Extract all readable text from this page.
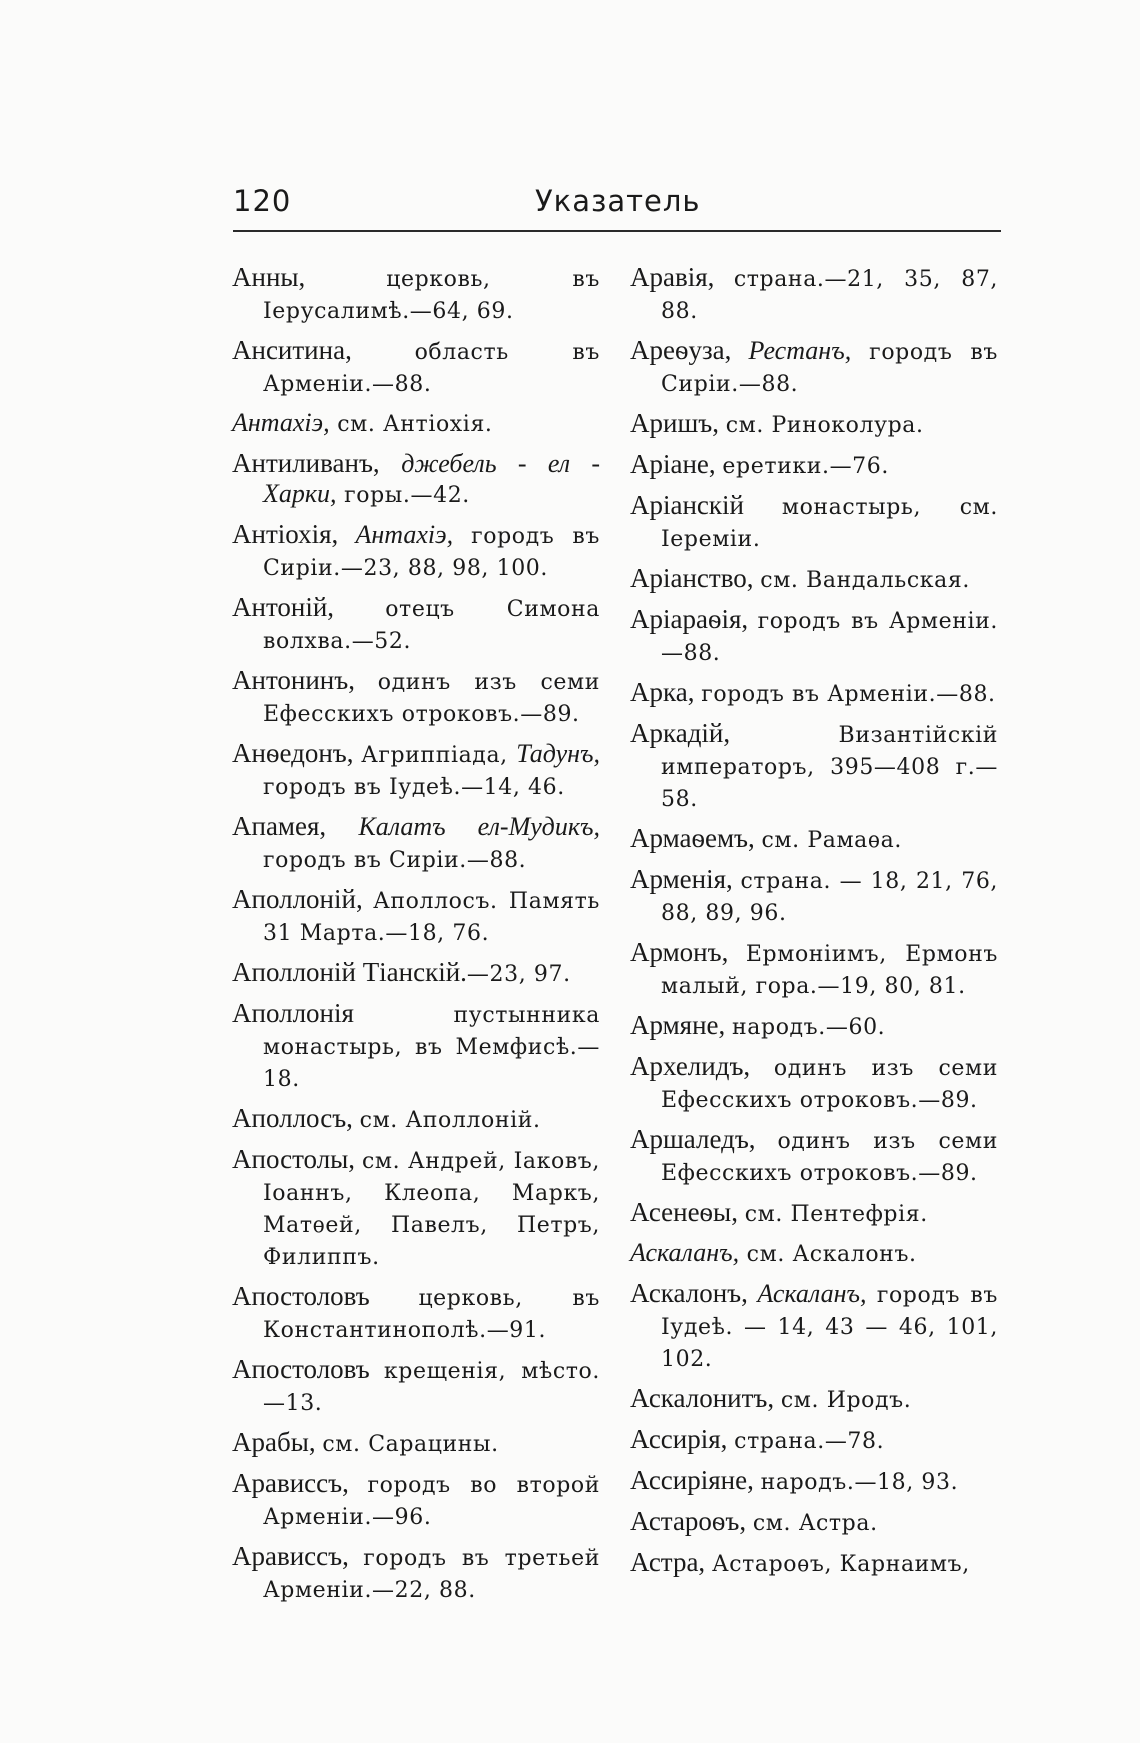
120	Указатель
Анны, церковь, въ Іерусалимѣ.—64, 69.
Анситина, область въ Арменіи.—88.
Антахіэ, см. Антіохія.
Антиливанъ, джебель - ел - Харки, горы.—42.
Антіохія, Антахіэ, городъ въ Сиріи.—23, 88, 98, 100.
Антоній, отецъ Симона волхва.—52.
Антонинъ, одинъ изъ семи Ефесскихъ отроковъ.—89.
Анѳедонъ, Агриппіада, Тадунъ, городъ въ Іудеѣ.—14, 46.
Апамея, Калатъ ел-Мудикъ, городъ въ Сиріи.—88.
Аполлоній, Аполлосъ. Память 31 Марта.—18, 76.
Аполлоній Тіанскій.—23, 97.
Аполлонія пустынника монастырь, въ Мемфисѣ.—18.
Аполлосъ, см. Аполлоній.
Апостолы, см. Андрей, Іаковъ, Іоаннъ, Клеопа, Маркъ, Матѳей, Павелъ, Петръ, Филиппъ.
Апостоловъ церковь, въ Константинополѣ.—91.
Апостоловъ крещенія, мѣсто.—13.
Арабы, см. Сарацины.
Арависсъ, городъ во второй Арменіи.—96.
Арависсъ, городъ въ третьей Арменіи.—22, 88.
Аравія, страна.—21, 35, 87, 88.
Ареѳуза, Рестанъ, городъ въ Сиріи.—88.
Аришъ, см. Риноколура.
Аріане, еретики.—76.
Аріанскій монастырь, см. Іереміи.
Аріанство, см. Вандальская.
Аріараѳія, городъ въ Арменіи.—88.
Арка, городъ въ Арменіи.—88.
Аркадій, Византійскій императоръ, 395—408 г.—58.
Армаѳемъ, см. Рамаѳа.
Арменія, страна. — 18, 21, 76, 88, 89, 96.
Армонъ, Ермоніимъ, Ермонъ малый, гора.—19, 80, 81.
Армяне, народъ.—60.
Архелидъ, одинъ изъ семи Ефесскихъ отроковъ.—89.
Аршаледъ, одинъ изъ семи Ефесскихъ отроковъ.—89.
Асенеѳы, см. Пентефрія.
Аскаланъ, см. Аскалонъ.
Аскалонъ, Аскаланъ, городъ въ Іудеѣ. — 14, 43 — 46, 101, 102.
Аскалонитъ, см. Иродъ.
Ассирія, страна.—78.
Ассиріяне, народъ.—18, 93.
Астароѳъ, см. Астра.
Астра, Астароѳъ, Карнаимъ,
